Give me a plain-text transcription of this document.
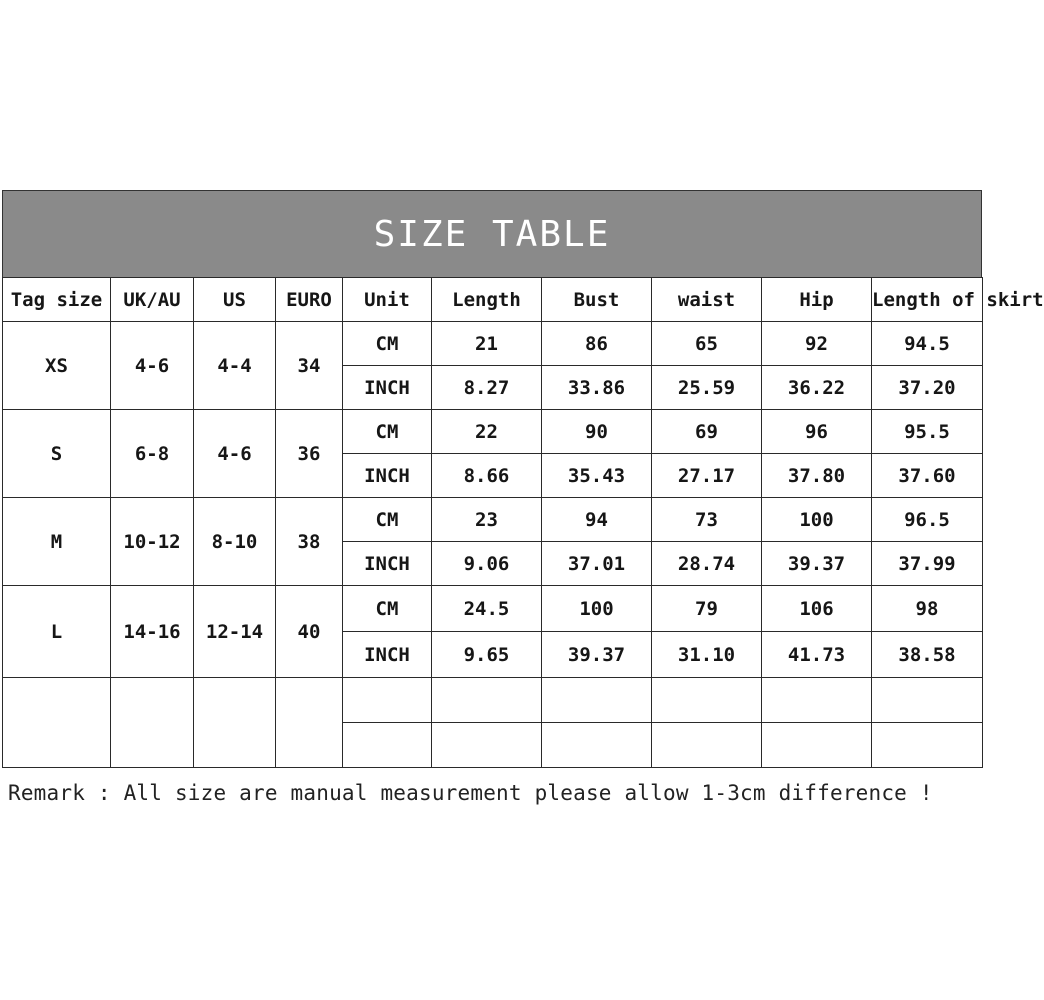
SIZE TABLE
Tag size	UK/AU	US	EURO	Unit	Length	Bust	waist	Hip	Length of skirt
XS	4-6	4-4	34	CM	21	86	65	92	94.5
				INCH	8.27	33.86	25.59	36.22	37.20
S	6-8	4-6	36	CM	22	90	69	96	95.5
				INCH	8.66	35.43	27.17	37.80	37.60
M	10-12	8-10	38	CM	23	94	73	100	96.5
				INCH	9.06	37.01	28.74	39.37	37.99
L	14-16	12-14	40	CM	24.5	100	79	106	98
				INCH	9.65	39.37	31.10	41.73	38.58

Remark : All size are manual measurement please allow 1-3cm difference !
